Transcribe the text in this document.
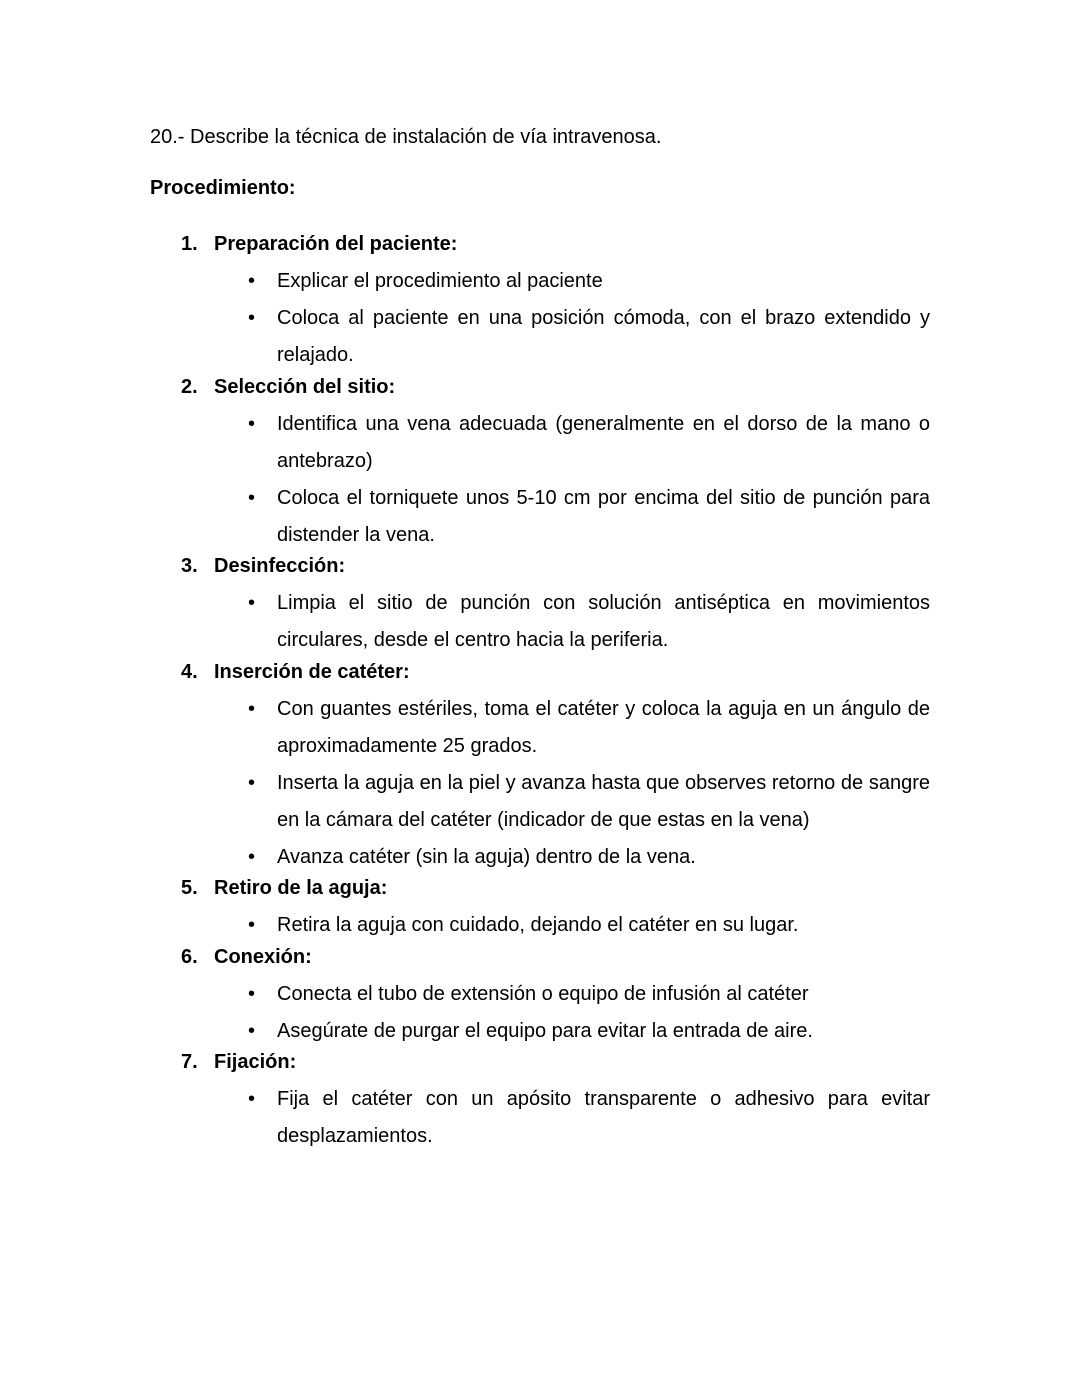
20.- Describe la técnica de instalación de vía intravenosa.

Procedimiento:
1. Preparación del paciente:
• Explicar el procedimiento al paciente
• Coloca al paciente en una posición cómoda, con el brazo extendido y relajado.
2. Selección del sitio:
• Identifica una vena adecuada (generalmente en el dorso de la mano o antebrazo)
• Coloca el torniquete unos 5-10 cm por encima del sitio de punción para distender la vena.
3. Desinfección:
• Limpia el sitio de punción con solución antiséptica en movimientos circulares, desde el centro hacia la periferia.
4. Inserción de catéter:
• Con guantes estériles, toma el catéter y coloca la aguja en un ángulo de aproximadamente 25 grados.
• Inserta la aguja en la piel y avanza hasta que observes retorno de sangre en la cámara del catéter (indicador de que estas en la vena)
• Avanza catéter (sin la aguja) dentro de la vena.
5. Retiro de la aguja:
• Retira la aguja con cuidado, dejando el catéter en su lugar.
6. Conexión:
• Conecta el tubo de extensión o equipo de infusión al catéter
• Asegúrate de purgar el equipo para evitar la entrada de aire.
7. Fijación:
• Fija el catéter con un apósito transparente o adhesivo para evitar desplazamientos.
